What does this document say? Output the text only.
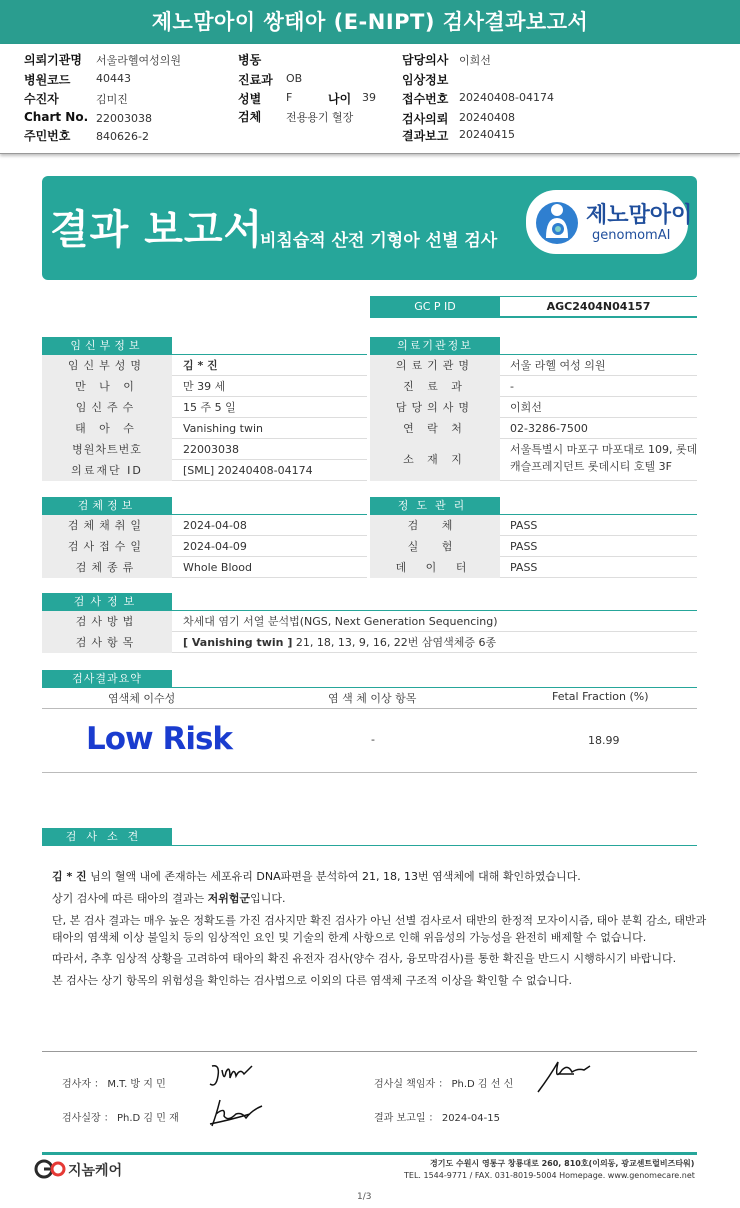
제노맘아이 쌍태아 (E-NIPT) 검사결과보고서
의뢰기관명 서울라헬여성의원
병원코드 40443
수진자	김미진
Chart No. 22003038
주민번호 840626-2
병동
진료과 OB
성별 F	나이 39
검체 전용용기 혈장
담당의사 이희선
임상정보
접수번호 20240408-04174
검사의뢰 20240408
결과보고 20240415
결과 보고서
비침습적 산전 기형아 선별 검사
제노맘아이
genomomAI
GC P ID	AGC2404N04157
임신부정보
임신부성명	김 * 진
만 나 이	만 39 세
임신주수	15 주 5 일
태 아 수	Vanishing twin
병원차트번호	22003038
의료재단 ID	[SML] 20240408-04174
의료기관정보
의료기관명	서울 라헬 여성 의원
진 료 과	-
담당의사명	이희선
연 락 처	02-3286-7500
소 재 지
서울특별시 마포구 마포대로 109, 롯데
캐슬프레지던트 롯데시티 호텔 3F
검체정보
검체채취일	2024-04-08
검사접수일	2024-04-09
검체종류	Whole Blood
정도관리
검 체	PASS
실 험	PASS
데 이 터	PASS
검사정보
검사방법	차세대 염기 서열 분석법(NGS, Next Generation Sequencing)
검사항목	[ Vanishing twin ] 21, 18, 13, 9, 16, 22번 삼염색체증 6종
검사결과요약
염색체 이수성	염 색 체 이상 항목	Fetal Fraction (%)
Low Risk	-	18.99
검사소견
김 * 진 님의 혈액 내에 존재하는 세포유리 DNA파편을 분석하여 21, 18, 13번 염색체에 대해 확인하였습니다.
상기 검사에 따른 태아의 결과는 저위험군입니다.
단, 본 검사 결과는 매우 높은 정확도를 가진 검사지만 확진 검사가 아닌 선별 검사로서 태반의 한정적 모자이시즘, 태아 분획 감소, 태반과
태아의 염색체 이상 불일치 등의 임상적인 요인 및 기술의 한계 사항으로 인해 위음성의 가능성을 완전히 배제할 수 없습니다.
따라서, 추후 임상적 상황을 고려하여 태아의 확진 유전자 검사(양수 검사, 융모막검사)를 통한 확진을 반드시 시행하시기 바랍니다.
본 검사는 상기 항목의 위험성을 확인하는 검사법으로 이외의 다른 염색체 구조적 이상을 확인할 수 없습니다.
검사자 ： M.T. 방 지 민	검사실 책임자 ： Ph.D 김 선 신
검사실장 ： Ph.D 김 민 재	결과 보고일 ： 2024-04-15
지놈케어	경기도 수원시 영통구 창룡대로 260, 810호(이의동, 광교센트럴비즈타워)
TEL. 1544-9771 / FAX. 031-8019-5004 Homepage. www.genomecare.net
1/3
